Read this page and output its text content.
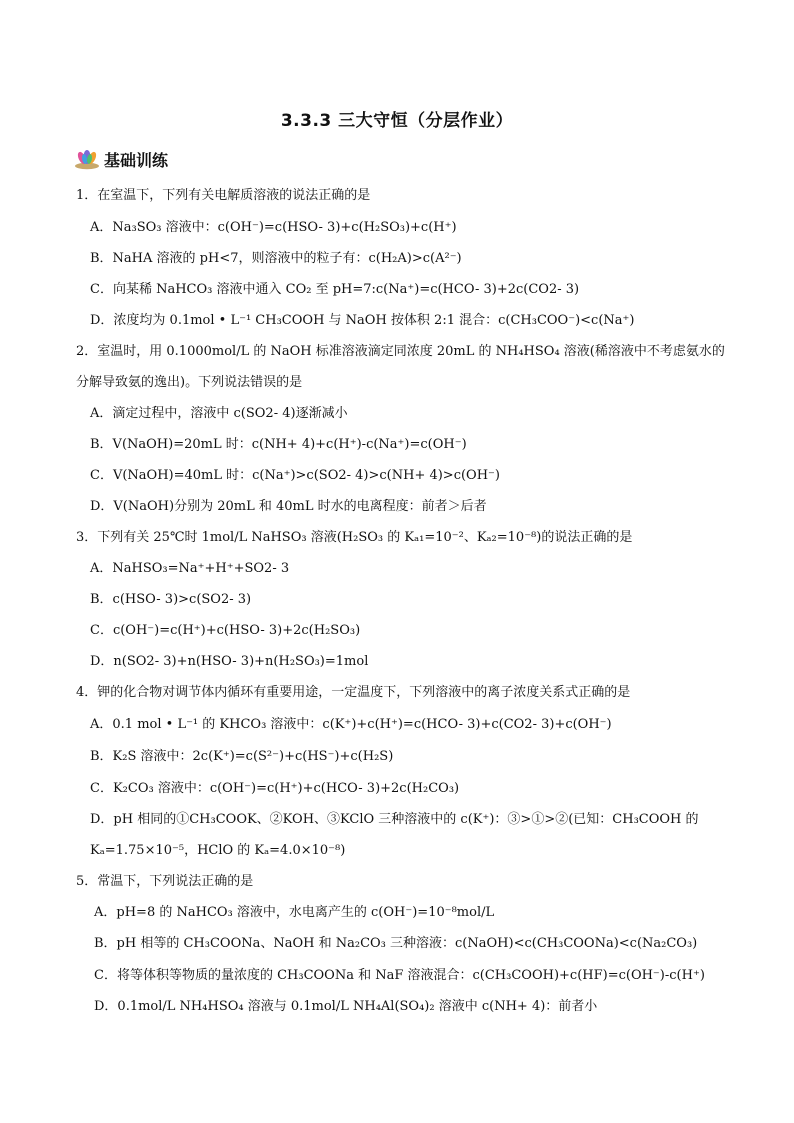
3.3.3 三大守恒（分层作业）
基础训练
1．在室温下，下列有关电解质溶液的说法正确的是
A．Na₃SO₃ 溶液中：c(OH⁻)=c(HSO- 3)+c(H₂SO₃)+c(H⁺)
B．NaHA 溶液的 pH<7，则溶液中的粒子有：c(H₂A)>c(A²⁻)
C．向某稀 NaHCO₃ 溶液中通入 CO₂ 至 pH=7:c(Na⁺)=c(HCO- 3)+2c(CO2- 3)
D．浓度均为 0.1mol • L⁻¹ CH₃COOH 与 NaOH 按体积 2:1 混合：c(CH₃COO⁻)<c(Na⁺)
2．室温时，用 0.1000mol/L 的 NaOH 标准溶液滴定同浓度 20mL 的 NH₄HSO₄ 溶液(稀溶液中不考虑氨水的
分解导致氨的逸出)。下列说法错误的是
A．滴定过程中，溶液中 c(SO2- 4)逐渐减小
B．V(NaOH)=20mL 时：c(NH+ 4)+c(H⁺)-c(Na⁺)=c(OH⁻)
C．V(NaOH)=40mL 时：c(Na⁺)>c(SO2- 4)>c(NH+ 4)>c(OH⁻)
D．V(NaOH)分别为 20mL 和 40mL 时水的电离程度：前者＞后者
3．下列有关 25℃时 1mol/L NaHSO₃ 溶液(H₂SO₃ 的 Kₐ₁=10⁻²、Kₐ₂=10⁻⁸)的说法正确的是
A．NaHSO₃=Na⁺+H⁺+SO2- 3
B．c(HSO- 3)>c(SO2- 3)
C．c(OH⁻)=c(H⁺)+c(HSO- 3)+2c(H₂SO₃)
D．n(SO2- 3)+n(HSO- 3)+n(H₂SO₃)=1mol
4．钾的化合物对调节体内循环有重要用途，一定温度下，下列溶液中的离子浓度关系式正确的是
A．0.1 mol • L⁻¹ 的 KHCO₃ 溶液中：c(K⁺)+c(H⁺)=c(HCO- 3)+c(CO2- 3)+c(OH⁻)
B．K₂S 溶液中：2c(K⁺)=c(S²⁻)+c(HS⁻)+c(H₂S)
C．K₂CO₃ 溶液中：c(OH⁻)=c(H⁺)+c(HCO- 3)+2c(H₂CO₃)
D．pH 相同的①CH₃COOK、②KOH、③KClO 三种溶液中的 c(K⁺)：③>①>②(已知：CH₃COOH 的
Kₐ=1.75×10⁻⁵，HClO 的 Kₐ=4.0×10⁻⁸)
5．常温下，下列说法正确的是
A．pH=8 的 NaHCO₃ 溶液中，水电离产生的 c(OH⁻)=10⁻⁸mol/L
B．pH 相等的 CH₃COONa、NaOH 和 Na₂CO₃ 三种溶液：c(NaOH)<c(CH₃COONa)<c(Na₂CO₃)
C．将等体积等物质的量浓度的 CH₃COONa 和 NaF 溶液混合：c(CH₃COOH)+c(HF)=c(OH⁻)-c(H⁺)
D．0.1mol/L NH₄HSO₄ 溶液与 0.1mol/L NH₄Al(SO₄)₂ 溶液中 c(NH+ 4)：前者小
